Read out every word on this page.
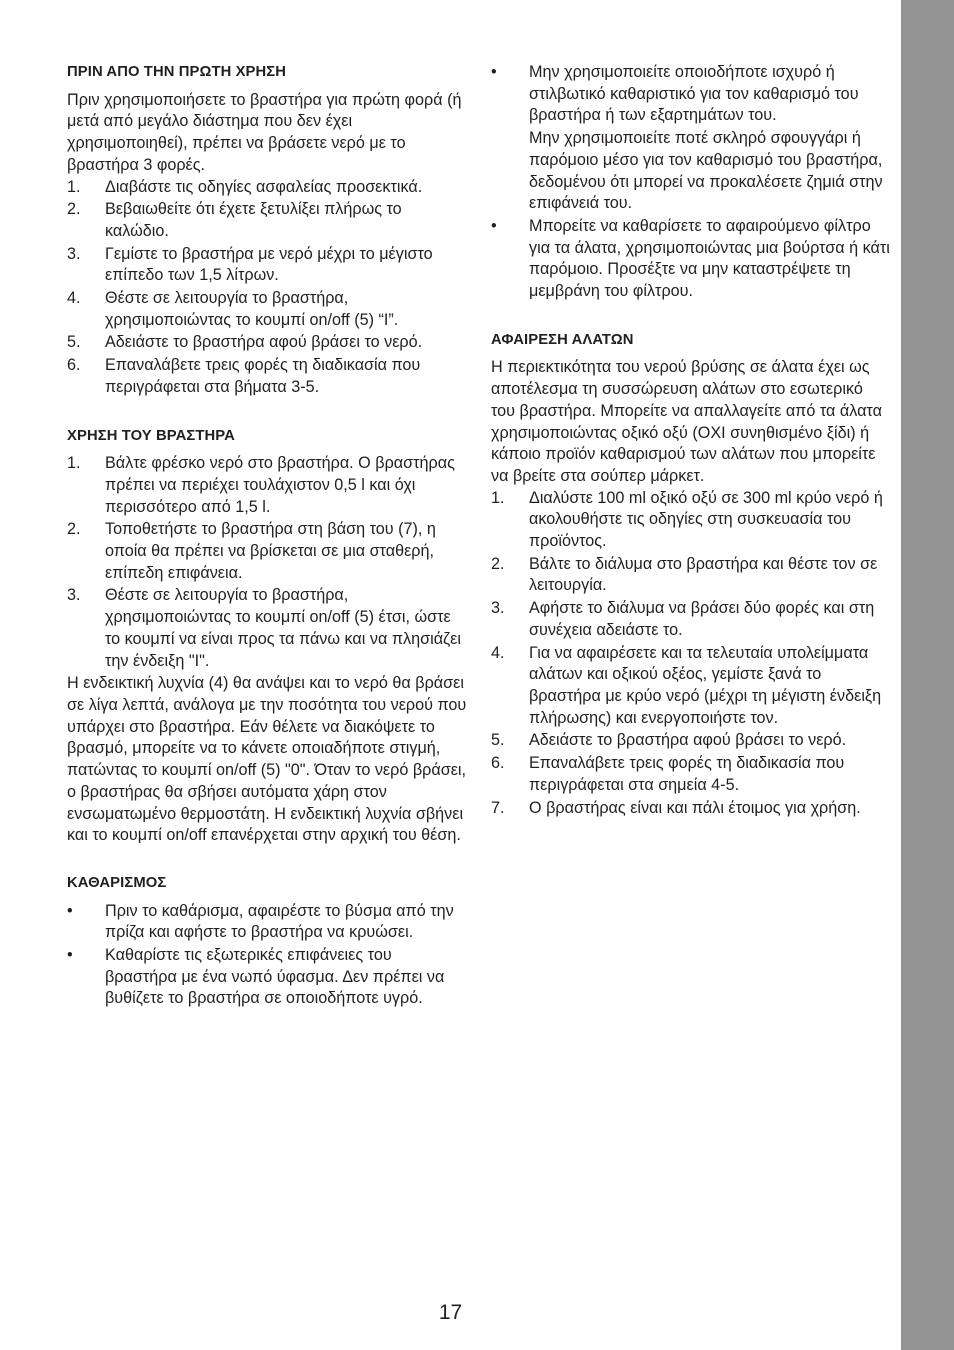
ΠΡΙΝ ΑΠΟ ΤΗΝ ΠΡΩΤΗ ΧΡΗΣΗ

Πριν χρησιμοποιήσετε το βραστήρα για πρώτη φορά (ή μετά από μεγάλο διάστημα που δεν έχει χρησιμοποιηθεί), πρέπει να βράσετε νερό με το βραστήρα 3 φορές.

1. Διαβάστε τις οδηγίες ασφαλείας προσεκτικά.
2. Βεβαιωθείτε ότι έχετε ξετυλίξει πλήρως το καλώδιο.
3. Γεμίστε το βραστήρα με νερό μέχρι το μέγιστο επίπεδο των 1,5 λίτρων.
4. Θέστε σε λειτουργία το βραστήρα, χρησιμοποιώντας το κουμπί on/off (5) “I”.
5. Αδειάστε το βραστήρα αφού βράσει το νερό.
6. Επαναλάβετε τρεις φορές τη διαδικασία που περιγράφεται στα βήματα 3-5.
ΧΡΗΣΗ ΤΟΥ ΒΡΑΣΤΗΡΑ
1. Βάλτε φρέσκο νερό στο βραστήρα. Ο βραστήρας πρέπει να περιέχει τουλάχιστον 0,5 l και όχι περισσότερο από 1,5 l.
2. Τοποθετήστε το βραστήρα στη βάση του (7), η οποία θα πρέπει να βρίσκεται σε μια σταθερή, επίπεδη επιφάνεια.
3. Θέστε σε λειτουργία το βραστήρα, χρησιμοποιώντας το κουμπί on/off (5) έτσι, ώστε το κουμπί να είναι προς τα πάνω και να πλησιάζει την ένδειξη "I".

Η ενδεικτική λυχνία (4) θα ανάψει και το νερό θα βράσει σε λίγα λεπτά, ανάλογα με την ποσότητα του νερού που υπάρχει στο βραστήρα. Εάν θέλετε να διακόψετε το βρασμό, μπορείτε να το κάνετε οποιαδήποτε στιγμή, πατώντας το κουμπί on/off (5) "0". Όταν το νερό βράσει, ο βραστήρας θα σβήσει αυτόματα χάρη στον ενσωματωμένο θερμοστάτη. Η ενδεικτική λυχνία σβήνει και το κουμπί on/off επανέρχεται στην αρχική του θέση.

ΚΑΘΑΡΙΣΜΟΣ
• Πριν το καθάρισμα, αφαιρέστε το βύσμα από την πρίζα και αφήστε το βραστήρα να κρυώσει.
• Καθαρίστε τις εξωτερικές επιφάνειες του βραστήρα με ένα νωπό ύφασμα. Δεν πρέπει να βυθίζετε το βραστήρα σε οποιοδήποτε υγρό.
• Μην χρησιμοποιείτε οποιοδήποτε ισχυρό ή στιλβωτικό καθαριστικό για τον καθαρισμό του βραστήρα ή των εξαρτημάτων του.
Μην χρησιμοποιείτε ποτέ σκληρό σφουγγάρι ή παρόμοιο μέσο για τον καθαρισμό του βραστήρα, δεδομένου ότι μπορεί να προκαλέσετε ζημιά στην επιφάνειά του.
• Μπορείτε να καθαρίσετε το αφαιρούμενο φίλτρο για τα άλατα, χρησιμοποιώντας μια βούρτσα ή κάτι παρόμοιο. Προσέξτε να μην καταστρέψετε τη μεμβράνη του φίλτρου.
ΑΦΑΙΡΕΣΗ ΑΛΑΤΩΝ

Η περιεκτικότητα του νερού βρύσης σε άλατα έχει ως αποτέλεσμα τη συσσώρευση αλάτων στο εσωτερικό του βραστήρα. Μπορείτε να απαλλαγείτε από τα άλατα χρησιμοποιώντας οξικό οξύ (ΟΧΙ συνηθισμένο ξίδι) ή κάποιο προϊόν καθαρισμού των αλάτων που μπορείτε να βρείτε στα σούπερ μάρκετ.

1. Διαλύστε 100 ml οξικό οξύ σε 300 ml κρύο νερό ή ακολουθήστε τις οδηγίες στη συσκευασία του προϊόντος.
2. Βάλτε το διάλυμα στο βραστήρα και θέστε τον σε λειτουργία.
3. Αφήστε το διάλυμα να βράσει δύο φορές και στη συνέχεια αδειάστε το.
4. Για να αφαιρέσετε και τα τελευταία υπολείμματα αλάτων και οξικού οξέος, γεμίστε ξανά το βραστήρα με κρύο νερό (μέχρι τη μέγιστη ένδειξη πλήρωσης) και ενεργοποιήστε τον.
5. Αδειάστε το βραστήρα αφού βράσει το νερό.
6. Επαναλάβετε τρεις φορές τη διαδικασία που περιγράφεται στα σημεία 4-5.
7. Ο βραστήρας είναι και πάλι έτοιμος για χρήση.
17
